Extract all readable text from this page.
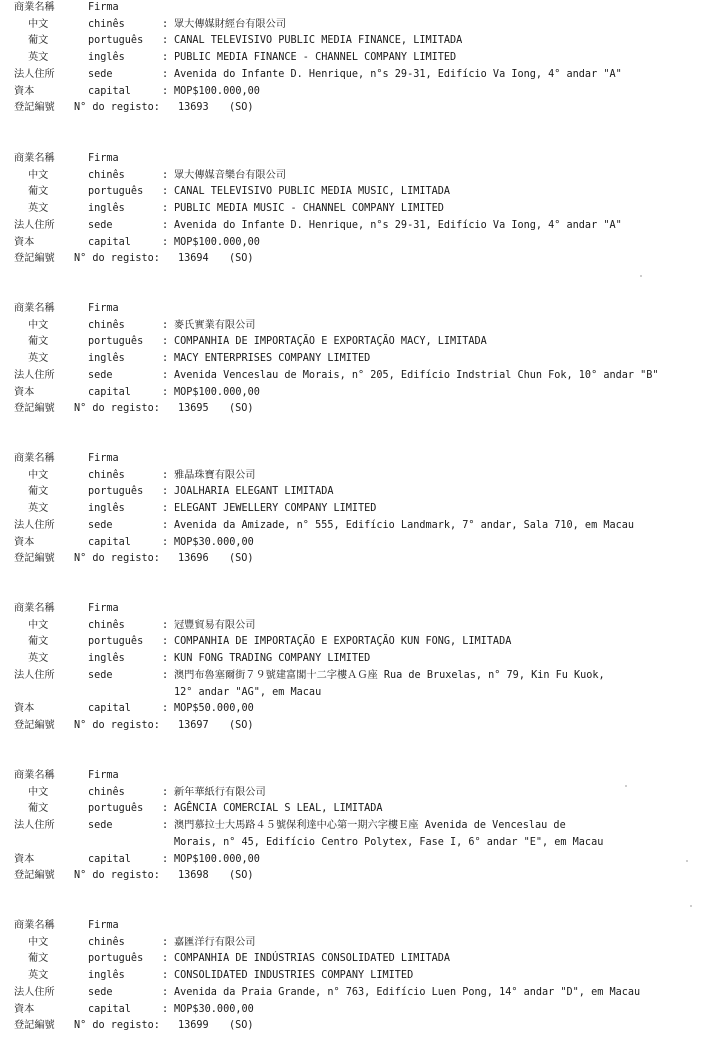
商業名稱	Firma
中文	chinês	: 眾大傳媒財經台有限公司
葡文	português : CANAL TELEVISIVO PUBLIC MEDIA FINANCE, LIMITADA
英文	inglês	: PUBLIC MEDIA FINANCE - CHANNEL COMPANY LIMITED
法人住所	sede	: Avenida do Infante D. Henrique, n°s 29-31, Edifício Va Iong, 4° andar "A"
資本	capital	: MOP$100.000,00
登記編號 N° do registo: 13693 (SO)
商業名稱	Firma
中文	chinês	: 眾大傳媒音樂台有限公司
葡文	português : CANAL TELEVISIVO PUBLIC MEDIA MUSIC, LIMITADA
英文	inglês	: PUBLIC MEDIA MUSIC - CHANNEL COMPANY LIMITED
法人住所	sede	: Avenida do Infante D. Henrique, n°s 29-31, Edifício Va Iong, 4° andar "A"
資本	capital	: MOP$100.000,00
登記編號 N° do registo: 13694 (SO)
商業名稱	Firma
中文	chinês	: 麥氏實業有限公司
葡文	português : COMPANHIA DE IMPORTAÇÃO E EXPORTAÇÃO MACY, LIMITADA
英文	inglês	: MACY ENTERPRISES COMPANY LIMITED
法人住所	sede	: Avenida Venceslau de Morais, n° 205, Edifício Indstrial Chun Fok, 10° andar "B"
資本	capital	: MOP$100.000,00
登記編號 N° do registo: 13695 (SO)
商業名稱	Firma
中文	chinês	: 雅晶珠寶有限公司
葡文	português : JOALHARIA ELEGANT LIMITADA
英文	inglês	: ELEGANT JEWELLERY COMPANY LIMITED
法人住所	sede	: Avenida da Amizade, n° 555, Edifício Landmark, 7° andar, Sala 710, em Macau
資本	capital	: MOP$30.000,00
登記編號 N° do registo: 13696 (SO)
商業名稱	Firma
中文	chinês	: 冠豐貿易有限公司
葡文	português : COMPANHIA DE IMPORTAÇÃO E EXPORTAÇÃO KUN FONG, LIMITADA
英文	inglês	: KUN FONG TRADING COMPANY LIMITED
法人住所	sede	: 澳門布魯塞爾街７９號建富閣十二字樓ＡＧ座 Rua de Bruxelas, n° 79, Kin Fu Kuok,
12° andar "AG", em Macau
資本	capital	: MOP$50.000,00
登記編號 N° do registo: 13697 (SO)
商業名稱	Firma
中文	chinês	: 新年華紙行有限公司
葡文	português : AGÊNCIA COMERCIAL S LEAL, LIMITADA
法人住所	sede	: 澳門慕拉士大馬路４５號保利達中心第一期六字樓Ｅ座 Avenida de Venceslau de
Morais, n° 45, Edifício Centro Polytex, Fase I, 6° andar "E", em Macau
資本	capital	: MOP$100.000,00
登記編號 N° do registo: 13698 (SO)
商業名稱	Firma
中文	chinês	: 嘉匯洋行有限公司
葡文	português : COMPANHIA DE INDÚSTRIAS CONSOLIDATED LIMITADA
英文	inglês	: CONSOLIDATED INDUSTRIES COMPANY LIMITED
法人住所	sede	: Avenida da Praia Grande, n° 763, Edifício Luen Pong, 14° andar "D", em Macau
資本	capital	: MOP$30.000,00
登記編號 N° do registo: 13699 (SO)
